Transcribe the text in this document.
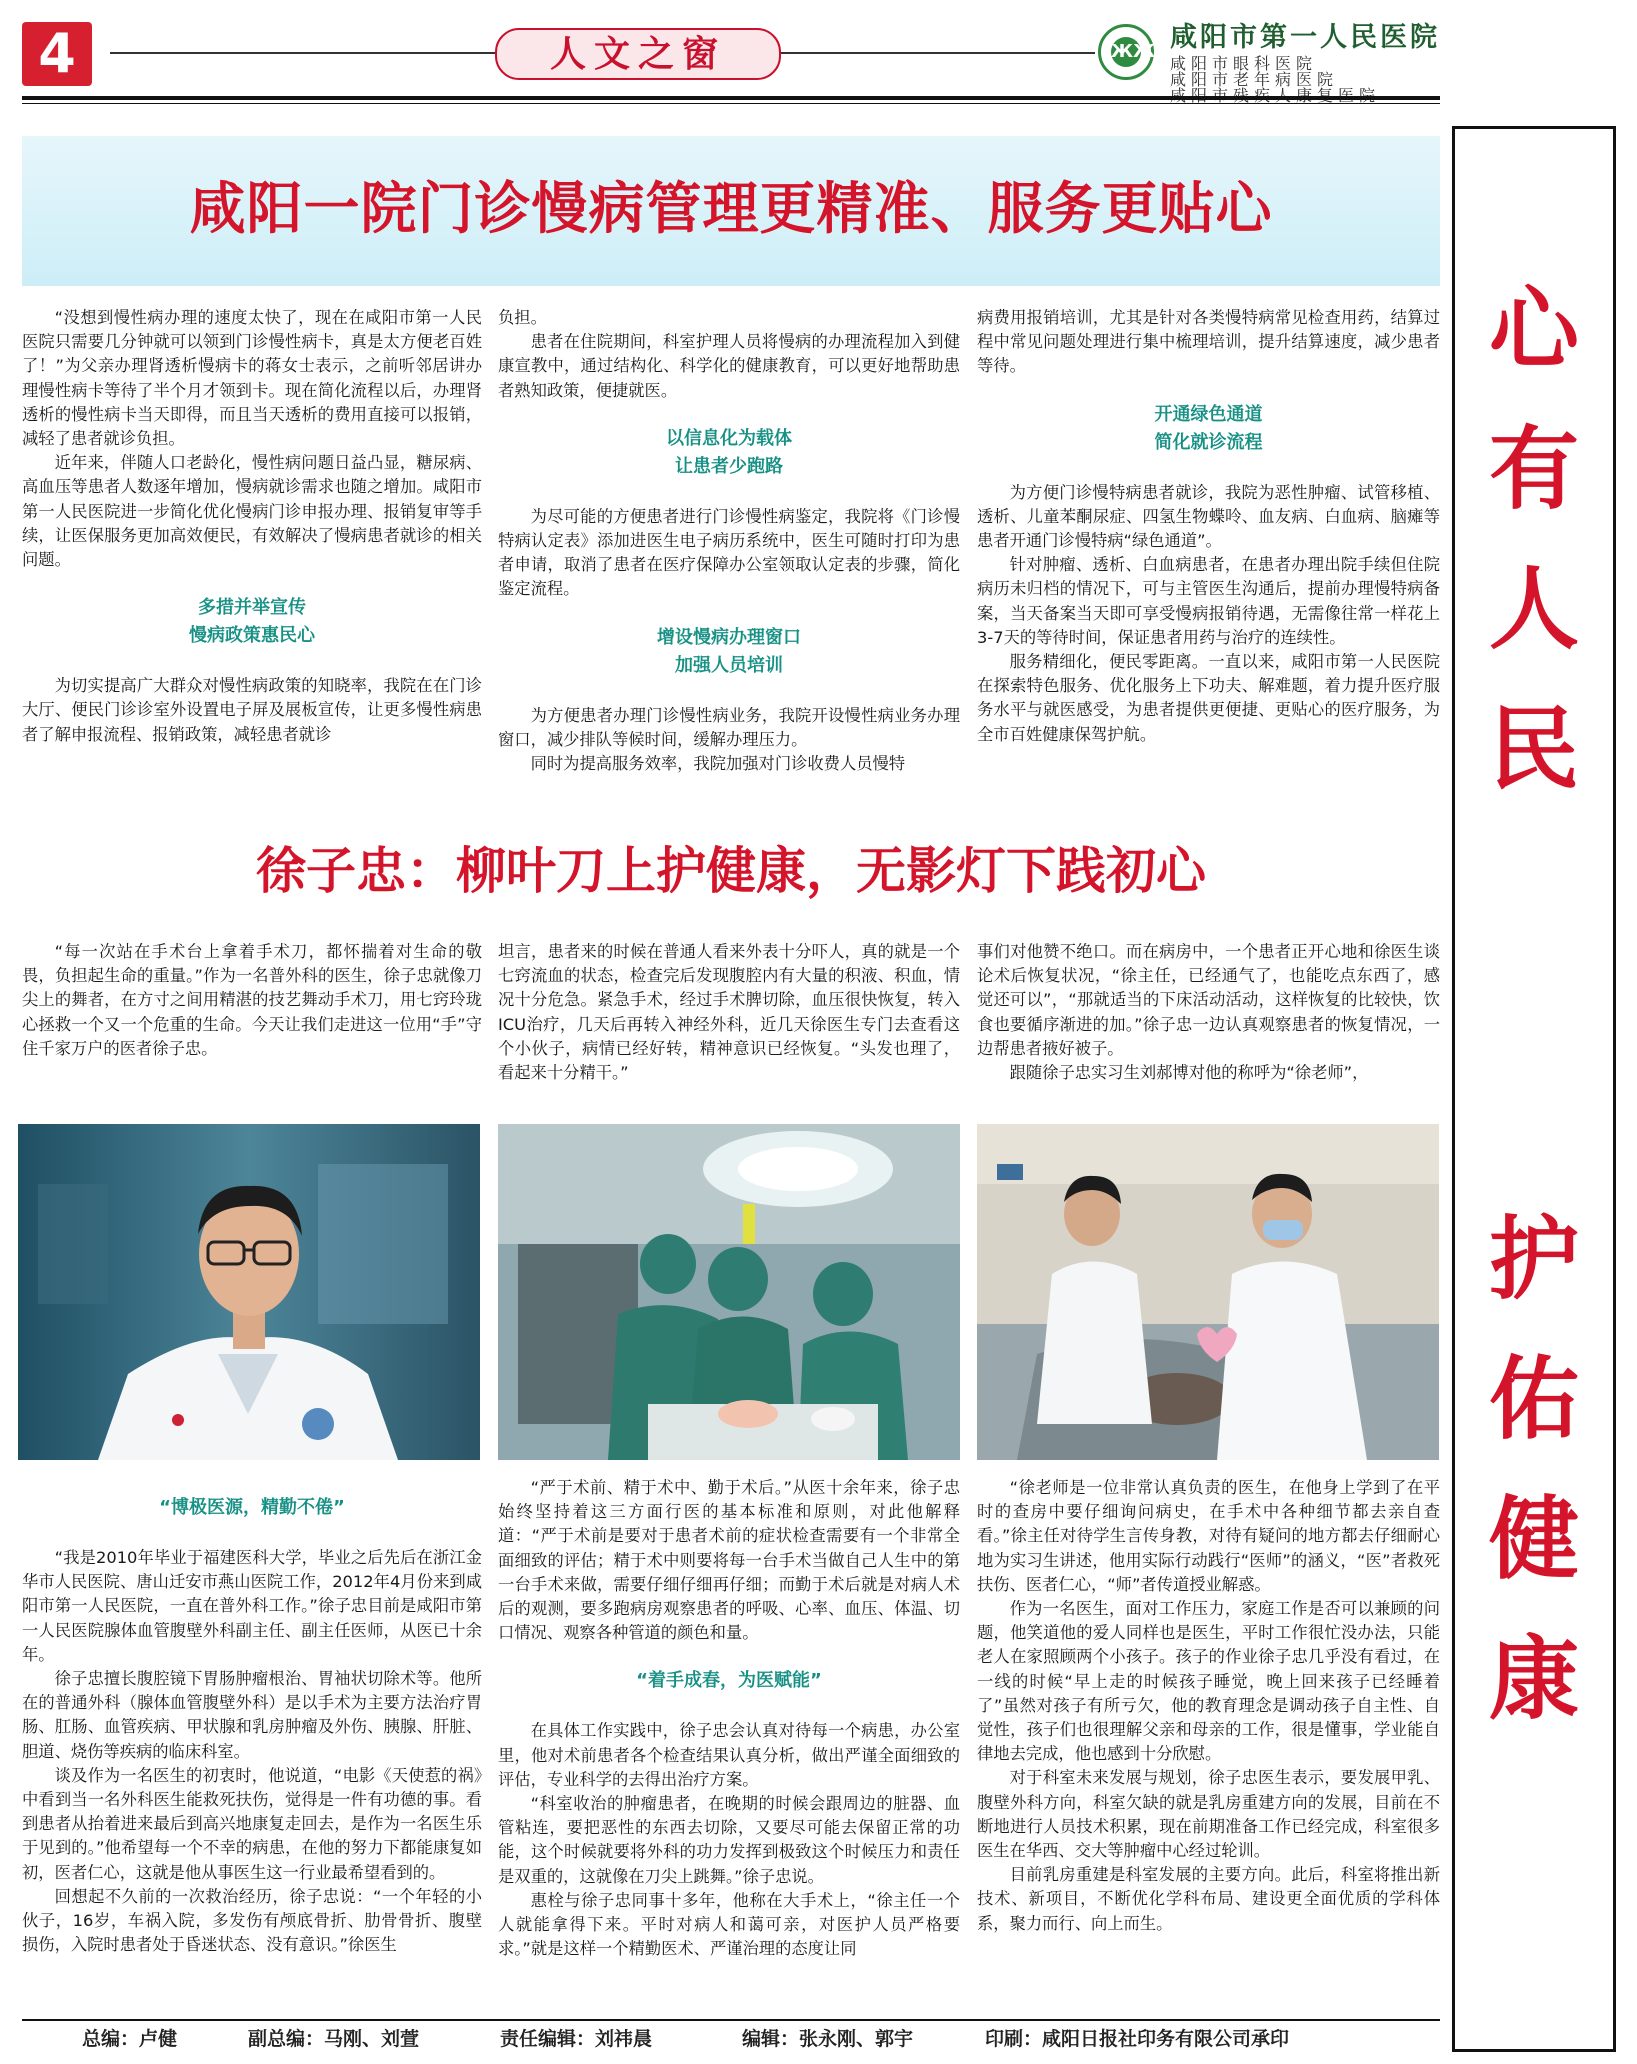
4	人文之窗	ЖЖ 咸阳市第一人民医院
咸阳市眼科医院
咸阳市老年病医院
咸阳市残疾人康复医院
心
有
人
民
护
佑
健
康
咸阳一院门诊慢病管理更精准、服务更贴心

“没想到慢性病办理的速度太快了，现在在咸阳市第一人民医院只需要几分钟就可以领到门诊慢性病卡，真是太方便老百姓了！”为父亲办理肾透析慢病卡的蒋女士表示，之前听邻居讲办理慢性病卡等待了半个月才领到卡。现在简化流程以后，办理肾透析的慢性病卡当天即得，而且当天透析的费用直接可以报销，减轻了患者就诊负担。

近年来，伴随人口老龄化，慢性病问题日益凸显，糖尿病、高血压等患者人数逐年增加，慢病就诊需求也随之增加。咸阳市第一人民医院进一步简化优化慢病门诊申报办理、报销复审等手续，让医保服务更加高效便民，有效解决了慢病患者就诊的相关问题。

多措并举宣传
慢病政策惠民心

为切实提高广大群众对慢性病政策的知晓率，我院在在门诊大厅、便民门诊诊室外设置电子屏及展板宣传，让更多慢性病患者了解申报流程、报销政策，减轻患者就诊

负担。

患者在住院期间，科室护理人员将慢病的办理流程加入到健康宣教中，通过结构化、科学化的健康教育，可以更好地帮助患者熟知政策，便捷就医。

以信息化为载体
让患者少跑路

为尽可能的方便患者进行门诊慢性病鉴定，我院将《门诊慢特病认定表》添加进医生电子病历系统中，医生可随时打印为患者申请，取消了患者在医疗保障办公室领取认定表的步骤，简化鉴定流程。

增设慢病办理窗口
加强人员培训

为方便患者办理门诊慢性病业务，我院开设慢性病业务办理窗口，减少排队等候时间，缓解办理压力。

同时为提高服务效率，我院加强对门诊收费人员慢特

病费用报销培训，尤其是针对各类慢特病常见检查用药，结算过程中常见问题处理进行集中梳理培训，提升结算速度，减少患者等待。

开通绿色通道
简化就诊流程

为方便门诊慢特病患者就诊，我院为恶性肿瘤、试管移植、透析、儿童苯酮尿症、四氢生物蝶呤、血友病、白血病、脑瘫等患者开通门诊慢特病“绿色通道”。

针对肿瘤、透析、白血病患者，在患者办理出院手续但住院病历未归档的情况下，可与主管医生沟通后，提前办理慢特病备案，当天备案当天即可享受慢病报销待遇，无需像往常一样花上3-7天的等待时间，保证患者用药与治疗的连续性。

服务精细化，便民零距离。一直以来，咸阳市第一人民医院在探索特色服务、优化服务上下功夫、解难题，着力提升医疗服务水平与就医感受，为患者提供更便捷、更贴心的医疗服务，为全市百姓健康保驾护航。

徐子忠：柳叶刀上护健康，无影灯下践初心

“每一次站在手术台上拿着手术刀，都怀揣着对生命的敬畏，负担起生命的重量。”作为一名普外科的医生，徐子忠就像刀尖上的舞者，在方寸之间用精湛的技艺舞动手术刀，用七窍玲珑心拯救一个又一个危重的生命。今天让我们走进这一位用“手”守住千家万户的医者徐子忠。

坦言，患者来的时候在普通人看来外表十分吓人，真的就是一个七窍流血的状态，检查完后发现腹腔内有大量的积液、积血，情况十分危急。紧急手术，经过手术脾切除，血压很快恢复，转入ICU治疗，几天后再转入神经外科，近几天徐医生专门去查看这个小伙子，病情已经好转，精神意识已经恢复。“头发也理了，看起来十分精干。”

事们对他赞不绝口。而在病房中，一个患者正开心地和徐医生谈论术后恢复状况，“徐主任，已经通气了，也能吃点东西了，感觉还可以”，“那就适当的下床活动活动，这样恢复的比较快，饮食也要循序渐进的加。”徐子忠一边认真观察患者的恢复情况，一边帮患者掖好被子。

跟随徐子忠实习生刘郝博对他的称呼为“徐老师”，

“博极医源，精勤不倦”

“我是2010年毕业于福建医科大学，毕业之后先后在浙江金华市人民医院、唐山迁安市燕山医院工作，2012年4月份来到咸阳市第一人民医院，一直在普外科工作。”徐子忠目前是咸阳市第一人民医院腺体血管腹壁外科副主任、副主任医师，从医已十余年。

徐子忠擅长腹腔镜下胃肠肿瘤根治、胃袖状切除术等。他所在的普通外科（腺体血管腹壁外科）是以手术为主要方法治疗胃肠、肛肠、血管疾病、甲状腺和乳房肿瘤及外伤、胰腺、肝脏、胆道、烧伤等疾病的临床科室。

谈及作为一名医生的初衷时，他说道，“电影《天使惹的祸》中看到当一名外科医生能救死扶伤，觉得是一件有功德的事。看到患者从抬着进来最后到高兴地康复走回去，是作为一名医生乐于见到的。”他希望每一个不幸的病患，在他的努力下都能康复如初，医者仁心，这就是他从事医生这一行业最希望看到的。

回想起不久前的一次救治经历，徐子忠说：“一个年轻的小伙子，16岁，车祸入院，多发伤有颅底骨折、肋骨骨折、腹壁损伤，入院时患者处于昏迷状态、没有意识。”徐医生

“严于术前、精于术中、勤于术后。”从医十余年来，徐子忠始终坚持着这三方面行医的基本标准和原则，对此他解释道：“严于术前是要对于患者术前的症状检查需要有一个非常全面细致的评估；精于术中则要将每一台手术当做自己人生中的第一台手术来做，需要仔细仔细再仔细；而勤于术后就是对病人术后的观测，要多跑病房观察患者的呼吸、心率、血压、体温、切口情况、观察各种管道的颜色和量。

“着手成春，为医赋能”

在具体工作实践中，徐子忠会认真对待每一个病患，办公室里，他对术前患者各个检查结果认真分析，做出严谨全面细致的评估，专业科学的去得出治疗方案。

“科室收治的肿瘤患者，在晚期的时候会跟周边的脏器、血管粘连，要把恶性的东西去切除，又要尽可能去保留正常的功能，这个时候就要将外科的功力发挥到极致这个时候压力和责任是双重的，这就像在刀尖上跳舞。”徐子忠说。

惠栓与徐子忠同事十多年，他称在大手术上，“徐主任一个人就能拿得下来。平时对病人和蔼可亲，对医护人员严格要求。”就是这样一个精勤医术、严谨治理的态度让同

“徐老师是一位非常认真负责的医生，在他身上学到了在平时的查房中要仔细询问病史，在手术中各种细节都去亲自查看。”徐主任对待学生言传身教，对待有疑问的地方都去仔细耐心地为实习生讲述，他用实际行动践行“医师”的涵义，“医”者救死扶伤、医者仁心，“师”者传道授业解惑。

作为一名医生，面对工作压力，家庭工作是否可以兼顾的问题，他笑道他的爱人同样也是医生，平时工作很忙没办法，只能老人在家照顾两个小孩子。孩子的作业徐子忠几乎没有看过，在一线的时候“早上走的时候孩子睡觉，晚上回来孩子已经睡着了”虽然对孩子有所亏欠，他的教育理念是调动孩子自主性、自觉性，孩子们也很理解父亲和母亲的工作，很是懂事，学业能自律地去完成，他也感到十分欣慰。

对于科室未来发展与规划，徐子忠医生表示，要发展甲乳、腹壁外科方向，科室欠缺的就是乳房重建方向的发展，目前在不断地进行人员技术积累，现在前期准备工作已经完成，科室很多医生在华西、交大等肿瘤中心经过轮训。

目前乳房重建是科室发展的主要方向。此后，科室将推出新技术、新项目，不断优化学科布局、建设更全面优质的学科体系，聚力而行、向上而生。

总编：卢健	副总编：马刚、刘萱	责任编辑：刘祎晨	编辑：张永刚、郭宇	印刷：咸阳日报社印务有限公司承印
